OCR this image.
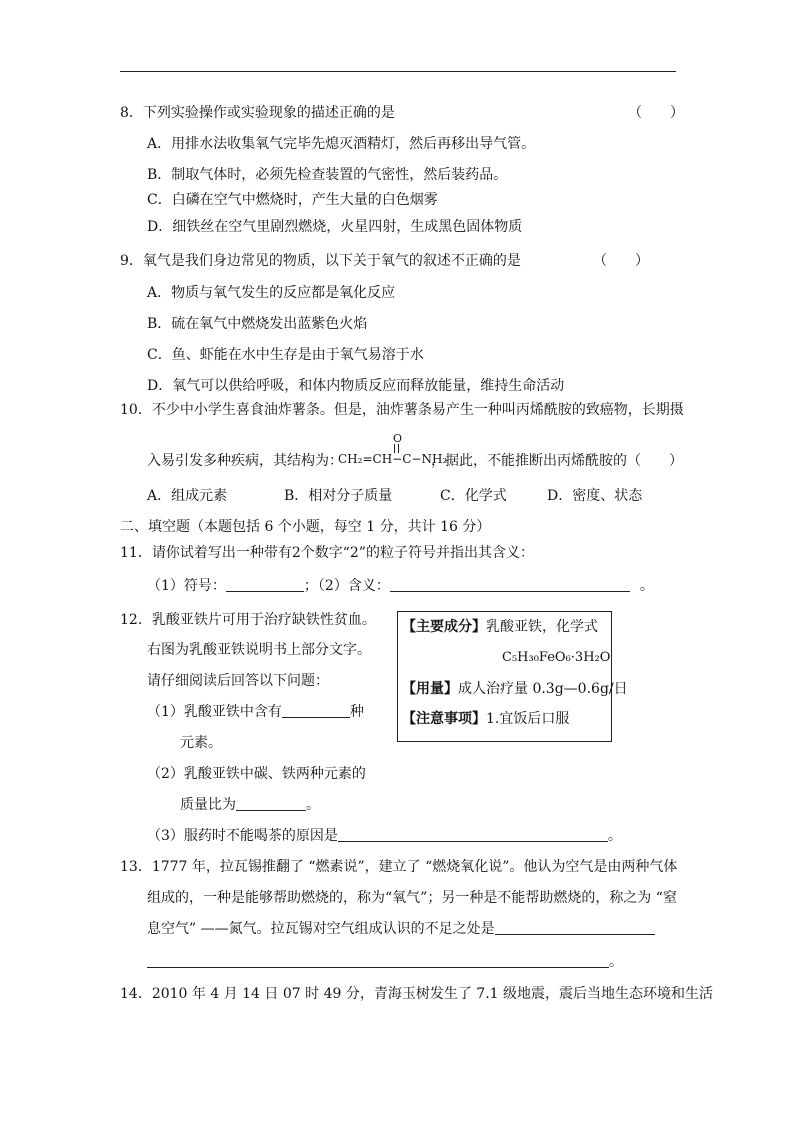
8．下列实验操作或实验现象的描述正确的是	（　　）
A．用排水法收集氧气完毕先熄灭酒精灯，然后再移出导气管。
B．制取气体时，必须先检查装置的气密性，然后装药品。
C．白磷在空气中燃烧时，产生大量的白色烟雾
D．细铁丝在空气里剧烈燃烧，火星四射，生成黑色固体物质
9．氧气是我们身边常见的物质，以下关于氧气的叙述不正确的是	（　　）
A．物质与氧气发生的反应都是氧化反应
B．硫在氧气中燃烧发出蓝紫色火焰
C．鱼、虾能在水中生存是由于氧气易溶于水
D．氧气可以供给呼吸，和体内物质反应而释放能量，维持生命活动
10．不少中小学生喜食油炸薯条。但是，油炸薯条易产生一种叫丙烯酰胺的致癌物，长期摄
入易引发多种疾病，其结构为：
O
CH₂=CH−C−NH₂
，据此，不能推断出丙烯酰胺的（　　）
A．组成元素	B．相对分子质量	C．化学式	D．密度、状态
二、填空题（本题包括 6 个小题，每空 1 分，共计 16 分）
11．请你试着写出一种带有2个数字“2”的粒子符号并指出其含义：
（1）符号：	；（2）含义：	。
12．乳酸亚铁片可用于治疗缺铁性贫血。
右图为乳酸亚铁说明书上部分文字。
请仔细阅读后回答以下问题：
（1）乳酸亚铁中含有	种
元素。
（2）乳酸亚铁中碳、铁两种元素的
质量比为	。
（3）服药时不能喝茶的原因是	。
【主要成分】乳酸亚铁，化学式
C₅H₃₀FeO₆·3H₂O
【用量】成人治疗量 0.3g—0.6g/日
【注意事项】1.宜饭后口服
13．1777 年，拉瓦锡推翻了 “燃素说”，建立了 “燃烧氧化说”。他认为空气是由两种气体
组成的，一种是能够帮助燃烧的，称为“氧气”；另一种是不能帮助燃烧的，称之为 “窒
息空气” ——氮气。拉瓦锡对空气组成认识的不足之处是
。
14．2010 年 4 月 14 日 07 时 49 分，青海玉树发生了 7.1 级地震，震后当地生态环境和生活
